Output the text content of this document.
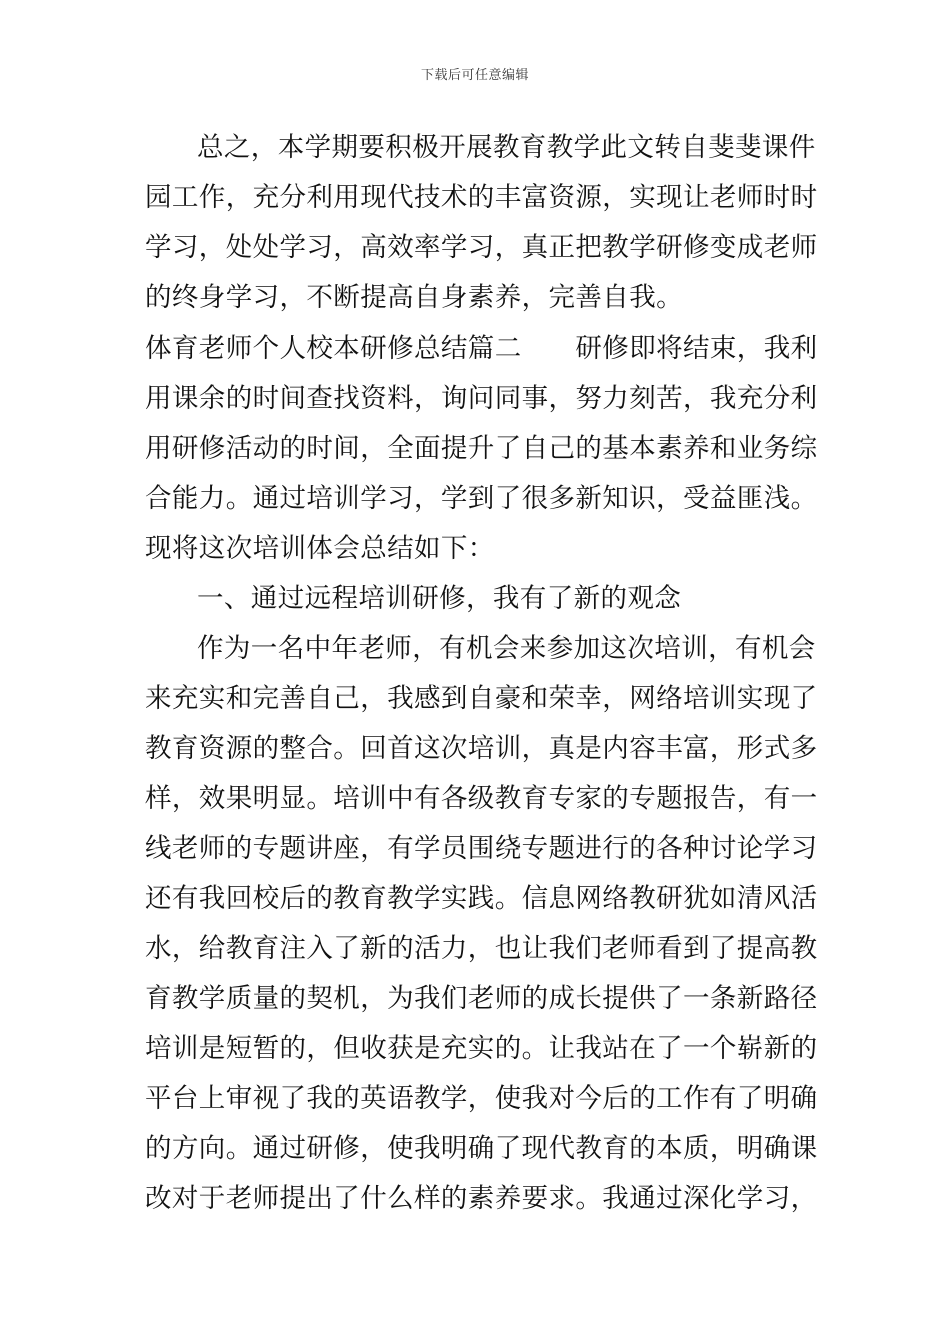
下载后可任意编辑
总之，本学期要积极开展教育教学此文转自斐斐课件
园工作，充分利用现代技术的丰富资源，实现让老师时时
学习，处处学习，高效率学习，真正把教学研修变成老师
的终身学习，不断提高自身素养，完善自我。
体育老师个人校本研修总结篇二　　研修即将结束，我利
用课余的时间查找资料，询问同事，努力刻苦，我充分利
用研修活动的时间，全面提升了自己的基本素养和业务综
合能力。通过培训学习，学到了很多新知识，受益匪浅。
现将这次培训体会总结如下：
一、通过远程培训研修，我有了新的观念
作为一名中年老师，有机会来参加这次培训，有机会
来充实和完善自己，我感到自豪和荣幸，网络培训实现了
教育资源的整合。回首这次培训，真是内容丰富，形式多
样，效果明显。培训中有各级教育专家的专题报告，有一
线老师的专题讲座，有学员围绕专题进行的各种讨论学习
还有我回校后的教育教学实践。信息网络教研犹如清风活
水，给教育注入了新的活力，也让我们老师看到了提高教
育教学质量的契机，为我们老师的成长提供了一条新路径
培训是短暂的，但收获是充实的。让我站在了一个崭新的
平台上审视了我的英语教学，使我对今后的工作有了明确
的方向。通过研修，使我明确了现代教育的本质，明确课
改对于老师提出了什么样的素养要求。我通过深化学习，
